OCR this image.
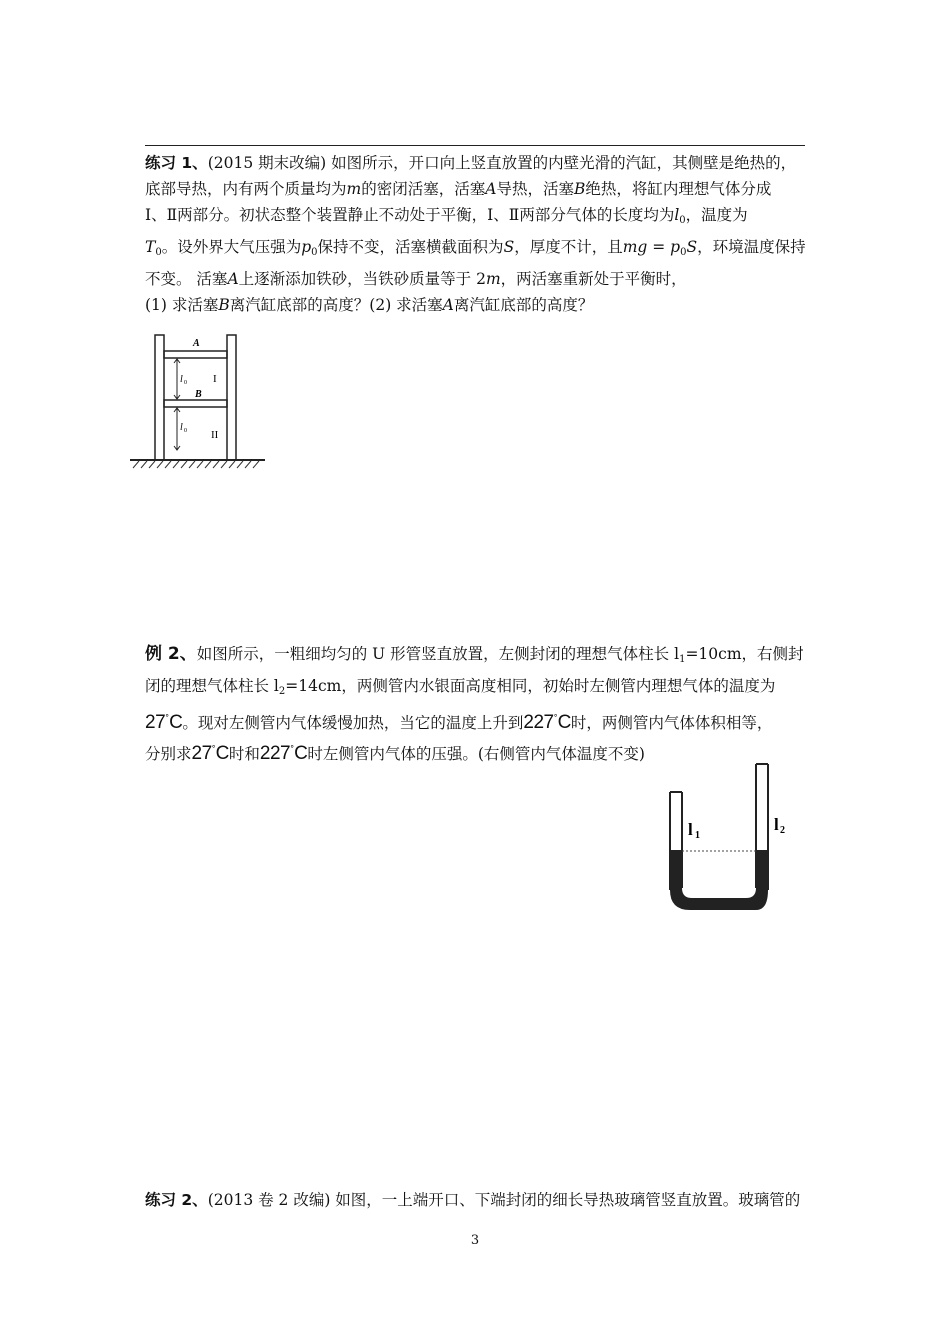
练习 1、(2015 期末改编) 如图所示，开口向上竖直放置的内壁光滑的汽缸，其侧壁是绝热的，
底部导热，内有两个质量均为m的密闭活塞，活塞A导热，活塞B绝热，将缸内理想气体分成
Ⅰ、Ⅱ两部分。初状态整个装置静止不动处于平衡，Ⅰ、Ⅱ两部分气体的长度均为$l_0$，温度为
$T_0$。设外界大气压强为$p_0$保持不变，活塞横截面积为S，厚度不计，且mg = $p_0S$，环境温度保持
不变。 活塞A上逐渐添加铁砂，当铁砂质量等于 2m，两活塞重新处于平衡时，
(1) 求活塞B离汽缸底部的高度？(2) 求活塞A离汽缸底部的高度？
A
B
I
II
l 0
l 0
例 2、如图所示，一粗细均匀的 U 形管竖直放置，左侧封闭的理想气体柱长 $l_1=10cm$，右侧封
闭的理想气体柱长 $l_2=14cm$，两侧管内水银面高度相同，初始时左侧管内理想气体的温度为
27°C。现对左侧管内气体缓慢加热，当它的温度上升到227°C时，两侧管内气体体积相等，
分别求27°C时和227°C时左侧管内气体的压强。(右侧管内气体温度不变)
l 1
l 2
练习 2、(2013 卷 2 改编) 如图，一上端开口、下端封闭的细长导热玻璃管竖直放置。玻璃管的
3
